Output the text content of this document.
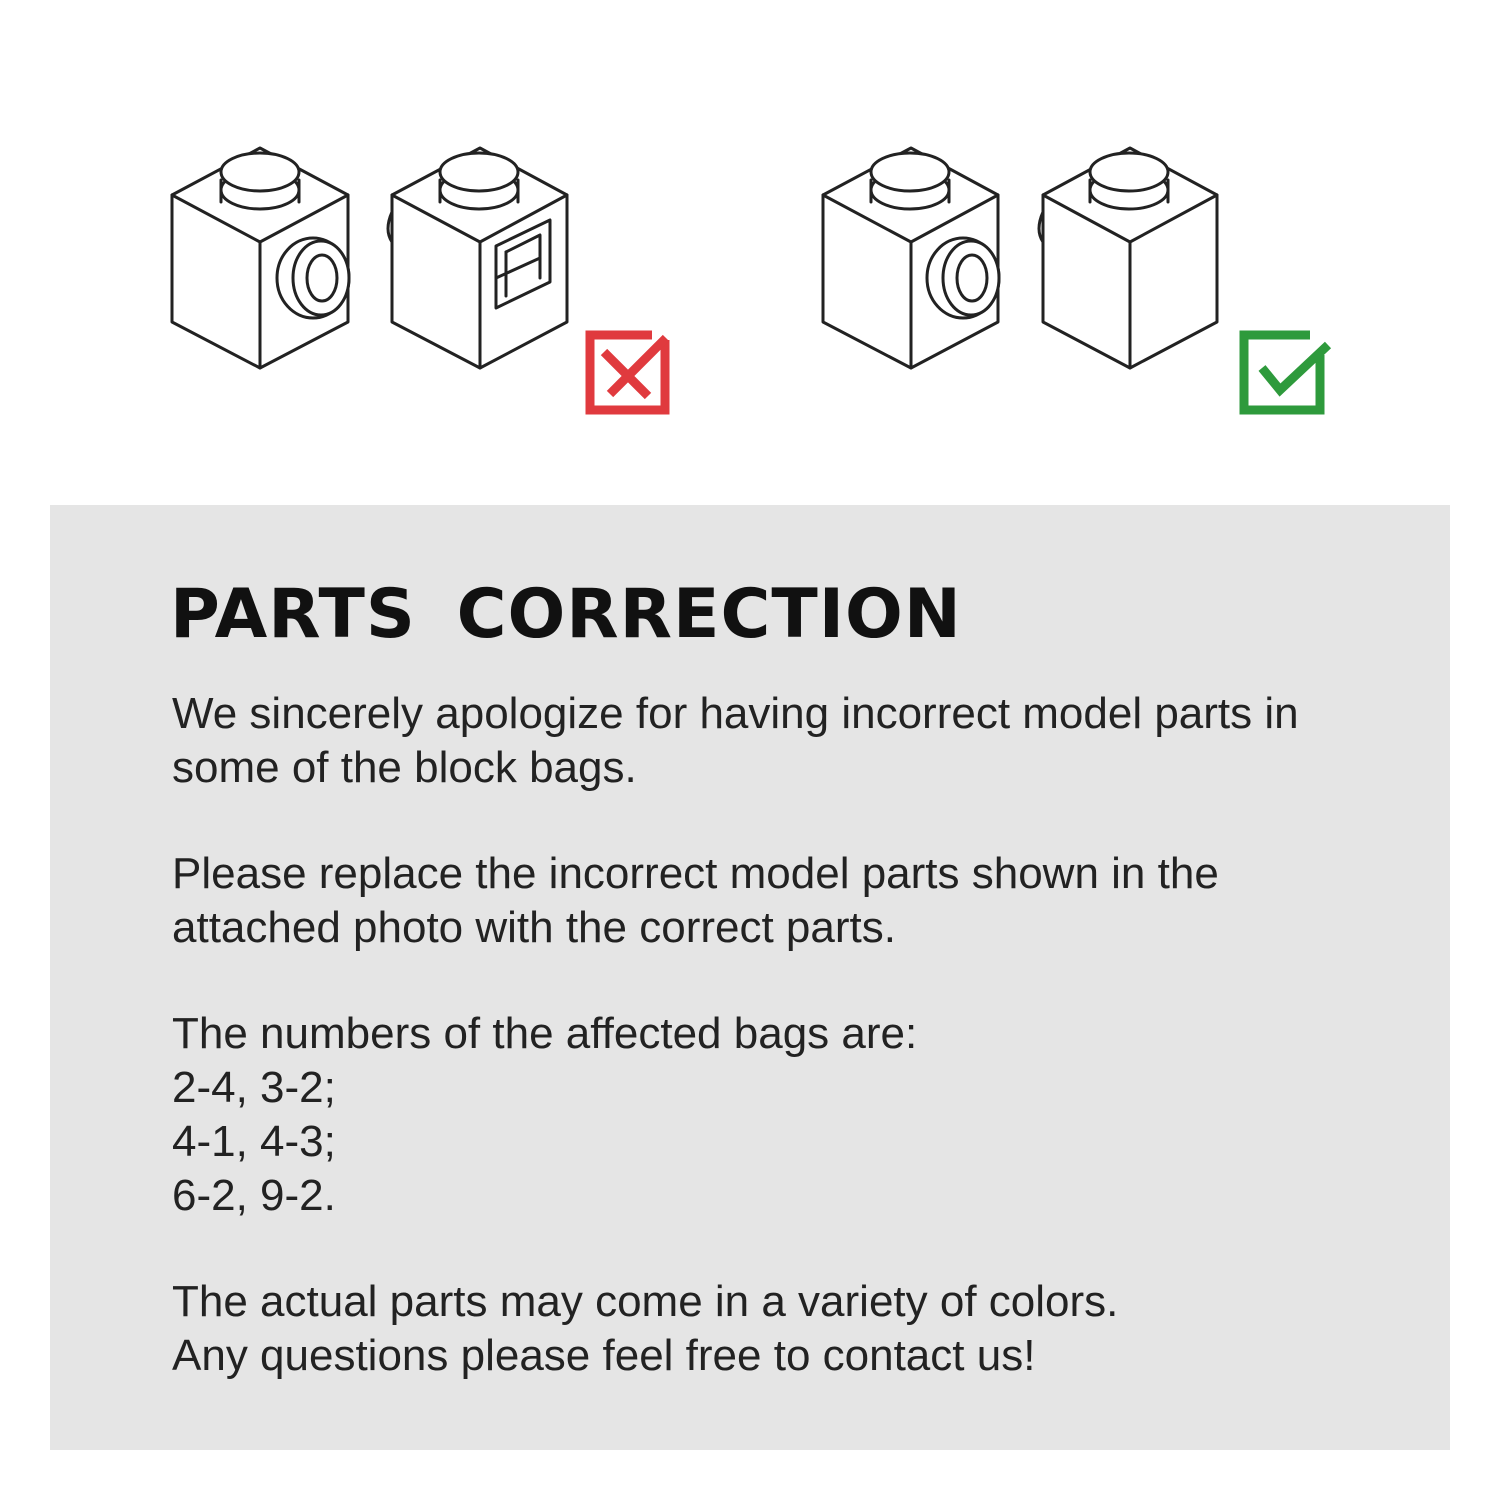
PARTS CORRECTION

We sincerely apologize for having incorrect model parts in
some of the block bags.

Please replace the incorrect model parts shown in the
attached photo with the correct parts.

The numbers of the affected bags are:
2-4, 3-2;
4-1, 4-3;
6-2, 9-2.

The actual parts may come in a variety of colors.
Any questions please feel free to contact us!
